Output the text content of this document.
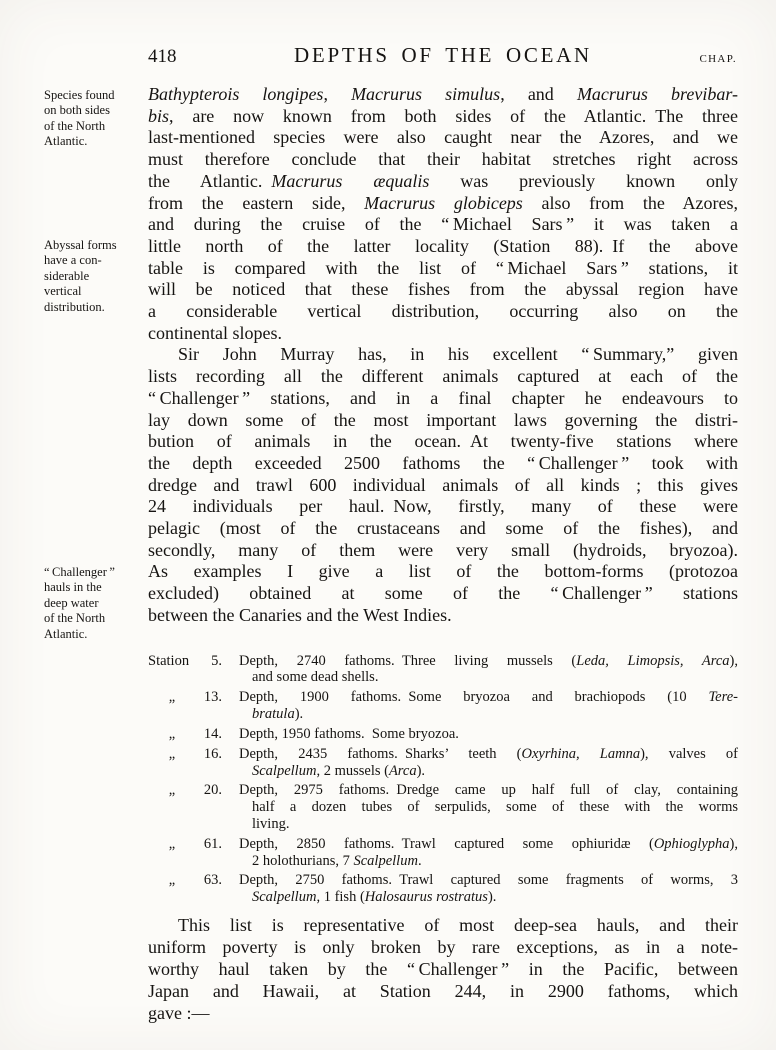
418	DEPTHS OF THE OCEAN	CHAP.
Species found
on both sides
of the North
Atlantic.
Abyssal forms
have a con-
siderable
vertical
distribution.
“ Challenger ”
hauls in the
deep water
of the North
Atlantic.
Bathypterois longipes, Macrurus simulus, and Macrurus brevibar-
bis, are now known from both sides of the Atlantic. The three
last-mentioned species were also caught near the Azores, and we
must therefore conclude that their habitat stretches right across
the Atlantic. Macrurus æqualis was previously known only
from the eastern side, Macrurus globiceps also from the Azores,
and during the cruise of the “ Michael Sars ” it was taken a
little north of the latter locality (Station 88). If the above
table is compared with the list of “ Michael Sars ” stations, it
will be noticed that these fishes from the abyssal region have
a considerable vertical distribution, occurring also on the
continental slopes.
Sir John Murray has, in his excellent “ Summary,” given
lists recording all the different animals captured at each of the
“ Challenger ” stations, and in a final chapter he endeavours to
lay down some of the most important laws governing the distri-
bution of animals in the ocean. At twenty-five stations where
the depth exceeded 2500 fathoms the “ Challenger ” took with
dredge and trawl 600 individual animals of all kinds ; this gives
24 individuals per haul. Now, firstly, many of these were
pelagic (most of the crustaceans and some of the fishes), and
secondly, many of them were very small (hydroids, bryozoa).
As examples I give a list of the bottom-forms (protozoa
excluded) obtained at some of the “ Challenger ” stations
between the Canaries and the West Indies.
Station	5. Depth, 2740 fathoms. Three living mussels (Leda, Limopsis, Arca),
and some dead shells.
„	13. Depth, 1900 fathoms. Some bryozoa and brachiopods (10 Tere-
bratula).
„	14. Depth, 1950 fathoms. Some bryozoa.
„	16. Depth, 2435 fathoms. Sharks’ teeth (Oxyrhina, Lamna), valves of
Scalpellum, 2 mussels (Arca).
„	20. Depth, 2975 fathoms. Dredge came up half full of clay, containing
half a dozen tubes of serpulids, some of these with the worms
living.
„	61. Depth, 2850 fathoms. Trawl captured some ophiuridæ (Ophioglypha),
2 holothurians, 7 Scalpellum.
„	63. Depth, 2750 fathoms. Trawl captured some fragments of worms, 3
Scalpellum, 1 fish (Halosaurus rostratus).
This list is representative of most deep-sea hauls, and their
uniform poverty is only broken by rare exceptions, as in a note-
worthy haul taken by the “ Challenger ” in the Pacific, between
Japan and Hawaii, at Station 244, in 2900 fathoms, which
gave :—
